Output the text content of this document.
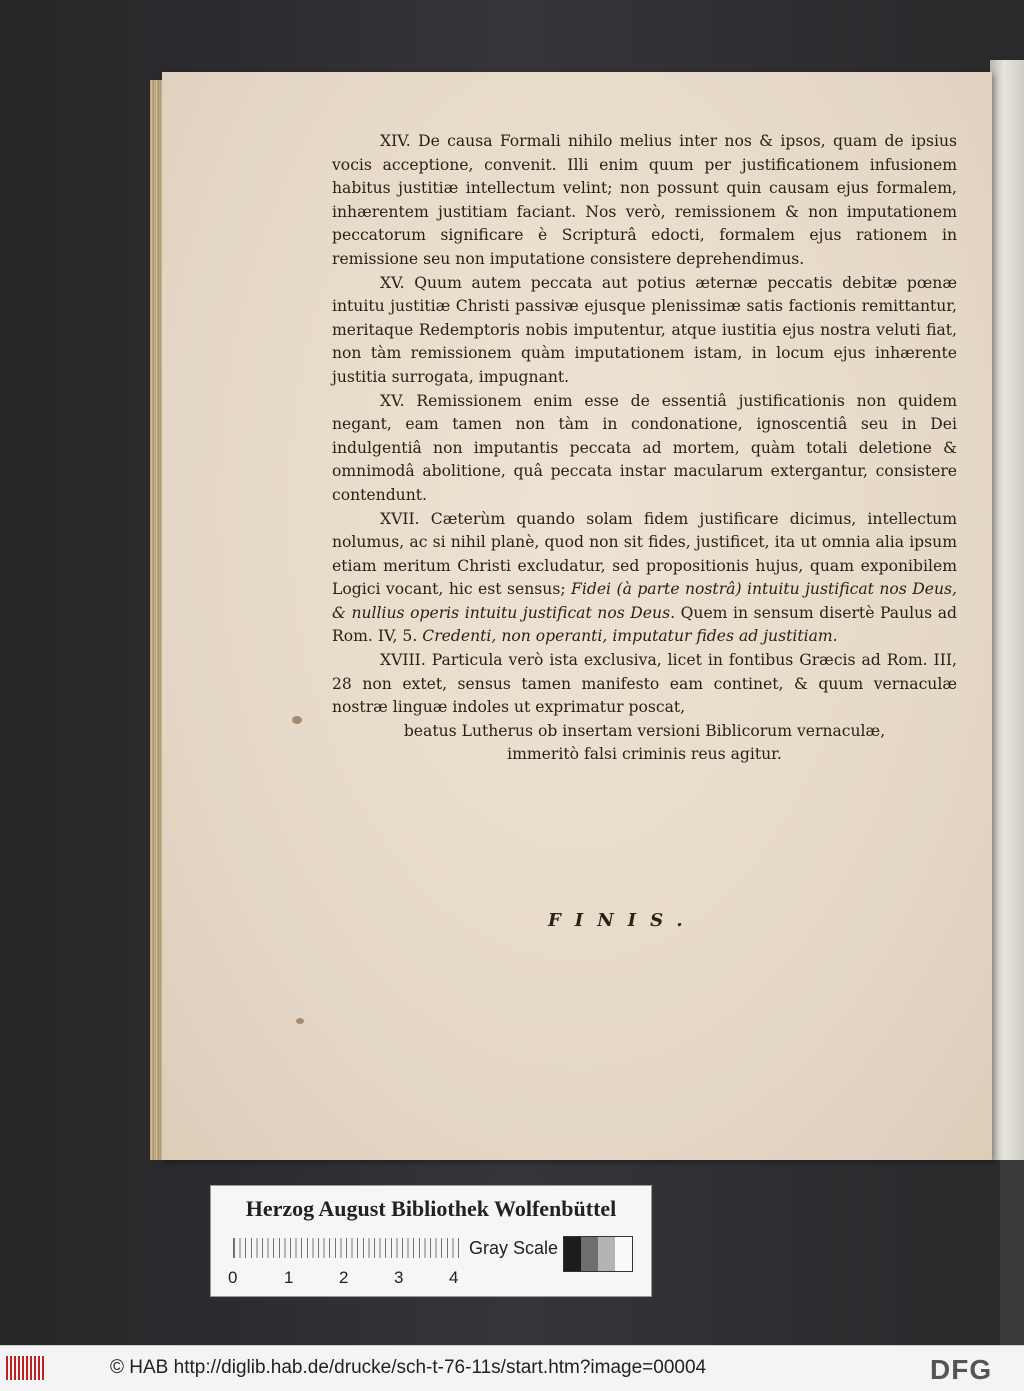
XIV. De causa Formali nihilo melius inter nos & ipsos, quam de ipsius vocis acceptione, convenit. Illi enim quum per justificationem infusionem habitus justitiæ intellectum velint; non possunt quin causam ejus formalem, inhærentem justitiam faciant. Nos verò, remissionem & non imputationem peccatorum significare è Scripturâ edocti, formalem ejus rationem in remissione seu non imputatione consistere deprehendimus.

XV. Quum autem peccata aut potius æternæ peccatis debitæ pœnæ intuitu justitiæ Christi passivæ ejusque plenissimæ satis factionis remittantur, meritaque Redemptoris nobis imputentur, atque iustitia ejus nostra veluti fiat, non tàm remissionem quàm imputationem istam, in locum ejus inhærente justitia surrogata, impugnant.

XV. Remissionem enim esse de essentiâ justificationis non quidem negant, eam tamen non tàm in condonatione, ignoscentiâ seu in Dei indulgentiâ non imputantis peccata ad mortem, quàm totali deletione & omnimodâ abolitione, quâ peccata instar macularum extergantur, consistere contendunt.

XVII. Cæterùm quando solam fidem justificare dicimus, intellectum nolumus, ac si nihil planè, quod non sit fides, justificet, ita ut omnia alia ipsum etiam meritum Christi excludatur, sed propositionis hujus, quam exponibilem Logici vocant, hic est sensus; Fidei (à parte nostrâ) intuitu justificat nos Deus, & nullius operis intuitu justificat nos Deus. Quem in sensum disertè Paulus ad Rom. IV, 5. Credenti, non operanti, imputatur fides ad justitiam.

XVIII. Particula verò ista exclusiva, licet in fontibus Græcis ad Rom. III, 28 non extet, sensus tamen manifesto eam continet, & quum vernaculæ nostræ linguæ indoles ut exprimatur poscat,

beatus Lutherus ob insertam versioni Biblicorum vernaculæ,

immeritò falsi criminis reus agitur.

FINIS.
Herzog August Bibliothek Wolfenbüttel
0	1	2	3	4
Gray Scale
© HAB http://diglib.hab.de/drucke/sch-t-76-11s/start.htm?image=00004	DFG
